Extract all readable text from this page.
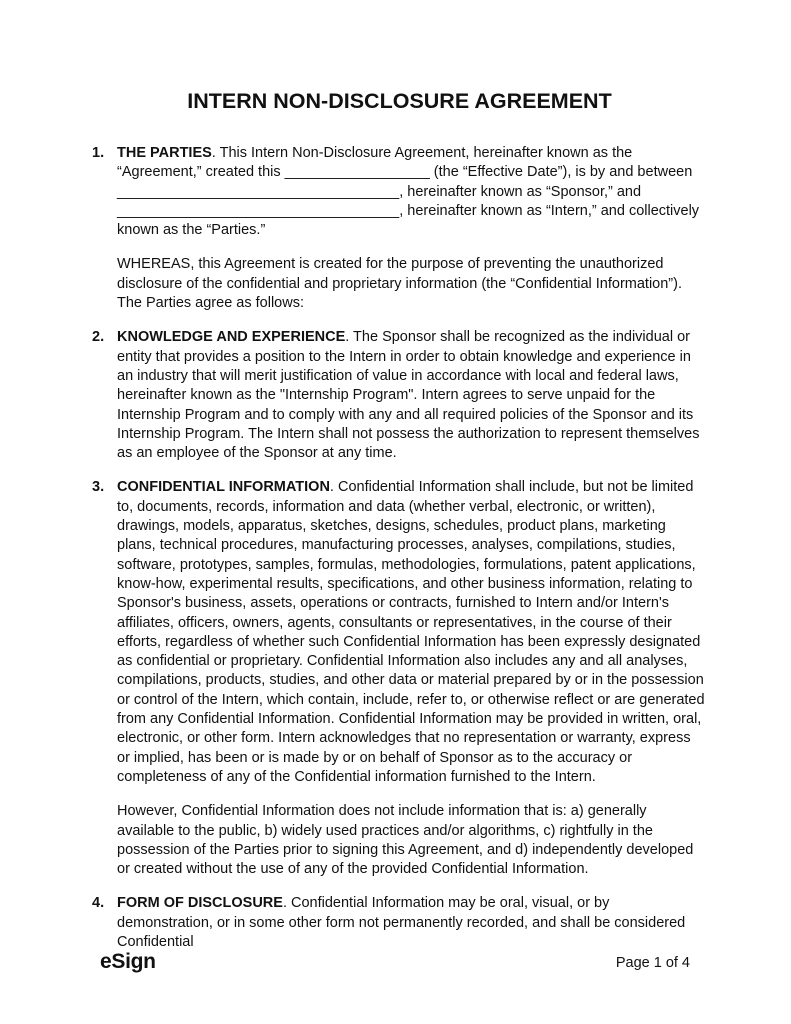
INTERN NON-DISCLOSURE AGREEMENT
1. THE PARTIES. This Intern Non-Disclosure Agreement, hereinafter known as the “Agreement,” created this __________________ (the “Effective Date”), is by and between ___________________________________, hereinafter known as “Sponsor,” and ___________________________________, hereinafter known as “Intern,” and collectively known as the “Parties.”
WHEREAS, this Agreement is created for the purpose of preventing the unauthorized disclosure of the confidential and proprietary information (the “Confidential Information”). The Parties agree as follows:
2. KNOWLEDGE AND EXPERIENCE. The Sponsor shall be recognized as the individual or entity that provides a position to the Intern in order to obtain knowledge and experience in an industry that will merit justification of value in accordance with local and federal laws, hereinafter known as the "Internship Program". Intern agrees to serve unpaid for the Internship Program and to comply with any and all required policies of the Sponsor and its Internship Program. The Intern shall not possess the authorization to represent themselves as an employee of the Sponsor at any time.
3. CONFIDENTIAL INFORMATION. Confidential Information shall include, but not be limited to, documents, records, information and data (whether verbal, electronic, or written), drawings, models, apparatus, sketches, designs, schedules, product plans, marketing plans, technical procedures, manufacturing processes, analyses, compilations, studies, software, prototypes, samples, formulas, methodologies, formulations, patent applications, know-how, experimental results, specifications, and other business information, relating to Sponsor's business, assets, operations or contracts, furnished to Intern and/or Intern's affiliates, officers, owners, agents, consultants or representatives, in the course of their efforts, regardless of whether such Confidential Information has been expressly designated as confidential or proprietary. Confidential Information also includes any and all analyses, compilations, products, studies, and other data or material prepared by or in the possession or control of the Intern, which contain, include, refer to, or otherwise reflect or are generated from any Confidential Information. Confidential Information may be provided in written, oral, electronic, or other form. Intern acknowledges that no representation or warranty, express or implied, has been or is made by or on behalf of Sponsor as to the accuracy or completeness of any of the Confidential information furnished to the Intern.
However, Confidential Information does not include information that is: a) generally available to the public, b) widely used practices and/or algorithms, c) rightfully in the possession of the Parties prior to signing this Agreement, and d) independently developed or created without the use of any of the provided Confidential Information.
4. FORM OF DISCLOSURE. Confidential Information may be oral, visual, or by demonstration, or in some other form not permanently recorded, and shall be considered Confidential
eSign	Page 1 of 4
